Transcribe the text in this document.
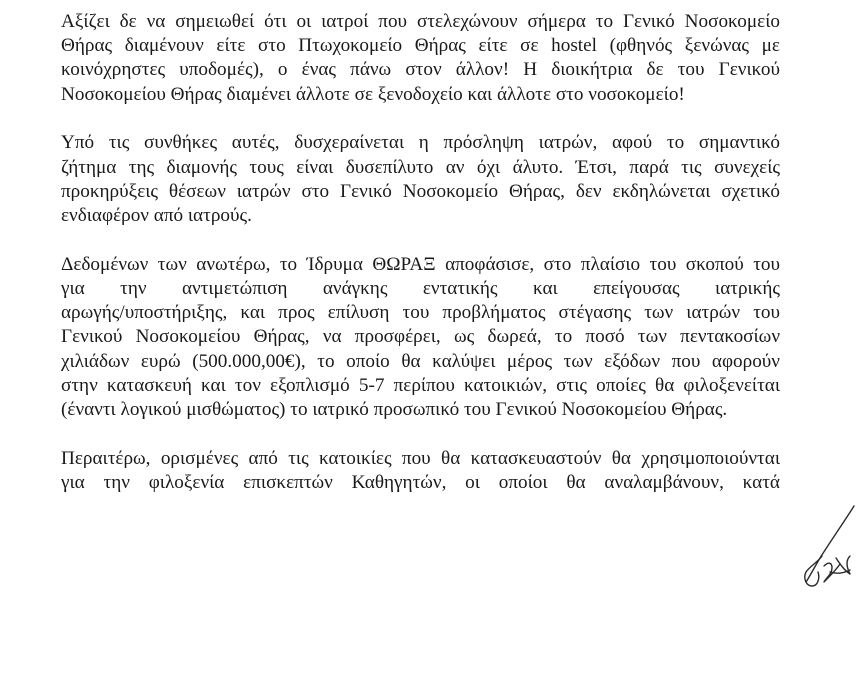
Αξίζει δε να σημειωθεί ότι οι ιατροί που στελεχώνουν σήμερα το Γενικό Νοσοκομείο
Θήρας διαμένουν είτε στο Πτωχοκομείο Θήρας είτε σε hostel (φθηνός ξενώνας με
κοινόχρηστες υποδομές), ο ένας πάνω στον άλλον! Η διοικήτρια δε του Γενικού
Νοσοκομείου Θήρας διαμένει άλλοτε σε ξενοδοχείο και άλλοτε στο νοσοκομείο!

Υπό τις συνθήκες αυτές, δυσχεραίνεται η πρόσληψη ιατρών, αφού το σημαντικό
ζήτημα της διαμονής τους είναι δυσεπίλυτο αν όχι άλυτο. Έτσι, παρά τις συνεχείς
προκηρύξεις θέσεων ιατρών στο Γενικό Νοσοκομείο Θήρας, δεν εκδηλώνεται σχετικό
ενδιαφέρον από ιατρούς.

Δεδομένων των ανωτέρω, το Ίδρυμα ΘΩΡΑΞ αποφάσισε, στο πλαίσιο του σκοπού του
για την αντιμετώπιση ανάγκης εντατικής και επείγουσας ιατρικής
αρωγής/υποστήριξης, και προς επίλυση του προβλήματος στέγασης των ιατρών του
Γενικού Νοσοκομείου Θήρας, να προσφέρει, ως δωρεά, το ποσό των πεντακοσίων
χιλιάδων ευρώ (500.000,00€), το οποίο θα καλύψει μέρος των εξόδων που αφορούν
στην κατασκευή και τον εξοπλισμό 5-7 περίπου κατοικιών, στις οποίες θα φιλοξενείται
(έναντι λογικού μισθώματος) το ιατρικό προσωπικό του Γενικού Νοσοκομείου Θήρας.

Περαιτέρω, ορισμένες από τις κατοικίες που θα κατασκευαστούν θα χρησιμοποιούνται
για την φιλοξενία επισκεπτών Καθηγητών, οι οποίοι θα αναλαμβάνουν, κατά
